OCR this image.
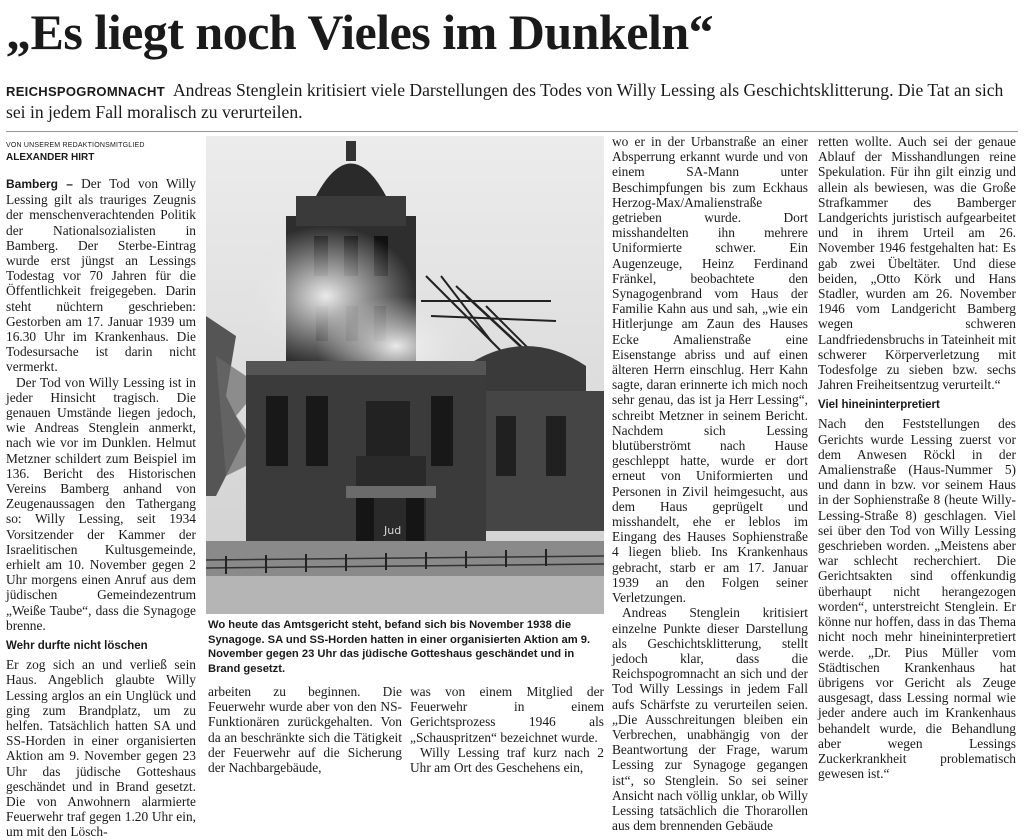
„Es liegt noch Vieles im Dunkeln“
REICHSPOGROMNACHT Andreas Stenglein kritisiert viele Darstellungen des Todes von Willy Lessing als Geschichtsklitterung. Die Tat an sich sei in jedem Fall moralisch zu verurteilen.
VON UNSEREM REDAKTIONSMITGLIED
ALEXANDER HIRT

Bamberg – Der Tod von Willy Lessing gilt als trauriges Zeugnis der menschenverachtenden Politik der Nationalsozialisten in Bamberg. Der Sterbe-Eintrag wurde erst jüngst an Lessings Todestag vor 70 Jahren für die Öffentlichkeit freigegeben. Darin steht nüchtern geschrieben: Gestorben am 17. Januar 1939 um 16.30 Uhr im Krankenhaus. Die Todesursache ist darin nicht vermerkt.

Der Tod von Willy Lessing ist in jeder Hinsicht tragisch. Die genauen Umstände liegen jedoch, wie Andreas Stenglein anmerkt, nach wie vor im Dunklen. Helmut Metzner schildert zum Beispiel im 136. Bericht des Historischen Vereins Bamberg anhand von Zeugenaussagen den Tathergang so: Willy Lessing, seit 1934 Vorsitzender der Kammer der Israelitischen Kultusgemeinde, erhielt am 10. November gegen 2 Uhr morgens einen Anruf aus dem jüdischen Gemeindezentrum „Weiße Taube“, dass die Synagoge brenne.

Wehr durfte nicht löschen

Er zog sich an und verließ sein Haus. Angeblich glaubte Willy Lessing arglos an ein Unglück und ging zum Brandplatz, um zu helfen. Tatsächlich hatten SA und SS-Horden in einer organisierten Aktion am 9. November gegen 23 Uhr das jüdische Gotteshaus geschändet und in Brand gesetzt. Die von Anwohnern alarmierte Feuerwehr traf gegen 1.20 Uhr ein, um mit den Lösch-

Jud
Wo heute das Amtsgericht steht, befand sich bis November 1938 die Synagoge. SA und SS-Horden hatten in einer organisierten Aktion am 9. November gegen 23 Uhr das jüdische Gotteshaus geschändet und in Brand gesetzt.

arbeiten zu beginnen. Die Feuerwehr wurde aber von den NS-Funktionären zurückgehalten. Von da an beschränkte sich die Tätigkeit der Feuerwehr auf die Sicherung der Nachbargebäude,

was von einem Mitglied der Feuerwehr in einem Gerichtsprozess 1946 als „Schauspritzen“ bezeichnet wurde.

Willy Lessing traf kurz nach 2 Uhr am Ort des Geschehens ein,

wo er in der Urbanstraße an einer Absperrung erkannt wurde und von einem SA-Mann unter Beschimpfungen bis zum Eckhaus Herzog-Max/Amalienstraße getrieben wurde. Dort misshandelten ihn mehrere Uniformierte schwer. Ein Augenzeuge, Heinz Ferdinand Fränkel, beobachtete den Synagogenbrand vom Haus der Familie Kahn aus und sah, „wie ein Hitlerjunge am Zaun des Hauses Ecke Amalienstraße eine Eisenstange abriss und auf einen älteren Herrn einschlug. Herr Kahn sagte, daran erinnerte ich mich noch sehr genau, das ist ja Herr Lessing“, schreibt Metzner in seinem Bericht. Nachdem sich Lessing blutüberströmt nach Hause geschleppt hatte, wurde er dort erneut von Uniformierten und Personen in Zivil heimgesucht, aus dem Haus geprügelt und misshandelt, ehe er leblos im Eingang des Hauses Sophienstraße 4 liegen blieb. Ins Krankenhaus gebracht, starb er am 17. Januar 1939 an den Folgen seiner Verletzungen.

Andreas Stenglein kritisiert einzelne Punkte dieser Darstellung als Geschichtsklitterung, stellt jedoch klar, dass die Reichspogromnacht an sich und der Tod Willy Lessings in jedem Fall aufs Schärfste zu verurteilen seien. „Die Ausschreitungen bleiben ein Verbrechen, unabhängig von der Beantwortung der Frage, warum Lessing zur Synagoge gegangen ist“, so Stenglein. So sei seiner Ansicht nach völlig unklar, ob Willy Lessing tatsächlich die Thorarollen aus dem brennenden Gebäude

retten wollte. Auch sei der genaue Ablauf der Misshandlungen reine Spekulation. Für ihn gilt einzig und allein als bewiesen, was die Große Strafkammer des Bamberger Landgerichts juristisch aufgearbeitet und in ihrem Urteil am 26. November 1946 festgehalten hat: Es gab zwei Übeltäter. Und diese beiden, „Otto Körk und Hans Stadler, wurden am 26. November 1946 vom Landgericht Bamberg wegen schweren Landfriedensbruchs in Tateinheit mit schwerer Körperverletzung mit Todesfolge zu sieben bzw. sechs Jahren Freiheitsentzug verurteilt.“

Viel hineininterpretiert

Nach den Feststellungen des Gerichts wurde Lessing zuerst vor dem Anwesen Röckl in der Amalienstraße (Haus-Nummer 5) und dann in bzw. vor seinem Haus in der Sophienstraße 8 (heute Willy-Lessing-Straße 8) geschlagen. Viel sei über den Tod von Willy Lessing geschrieben worden. „Meistens aber war schlecht recherchiert. Die Gerichtsakten sind offenkundig überhaupt nicht herangezogen worden“, unterstreicht Stenglein. Er könne nur hoffen, dass in das Thema nicht noch mehr hineininterpretiert werde. „Dr. Pius Müller vom Städtischen Krankenhaus hat übrigens vor Gericht als Zeuge ausgesagt, dass Lessing normal wie jeder andere auch im Krankenhaus behandelt wurde, die Behandlung aber wegen Lessings Zuckerkrankheit problematisch gewesen ist.“
